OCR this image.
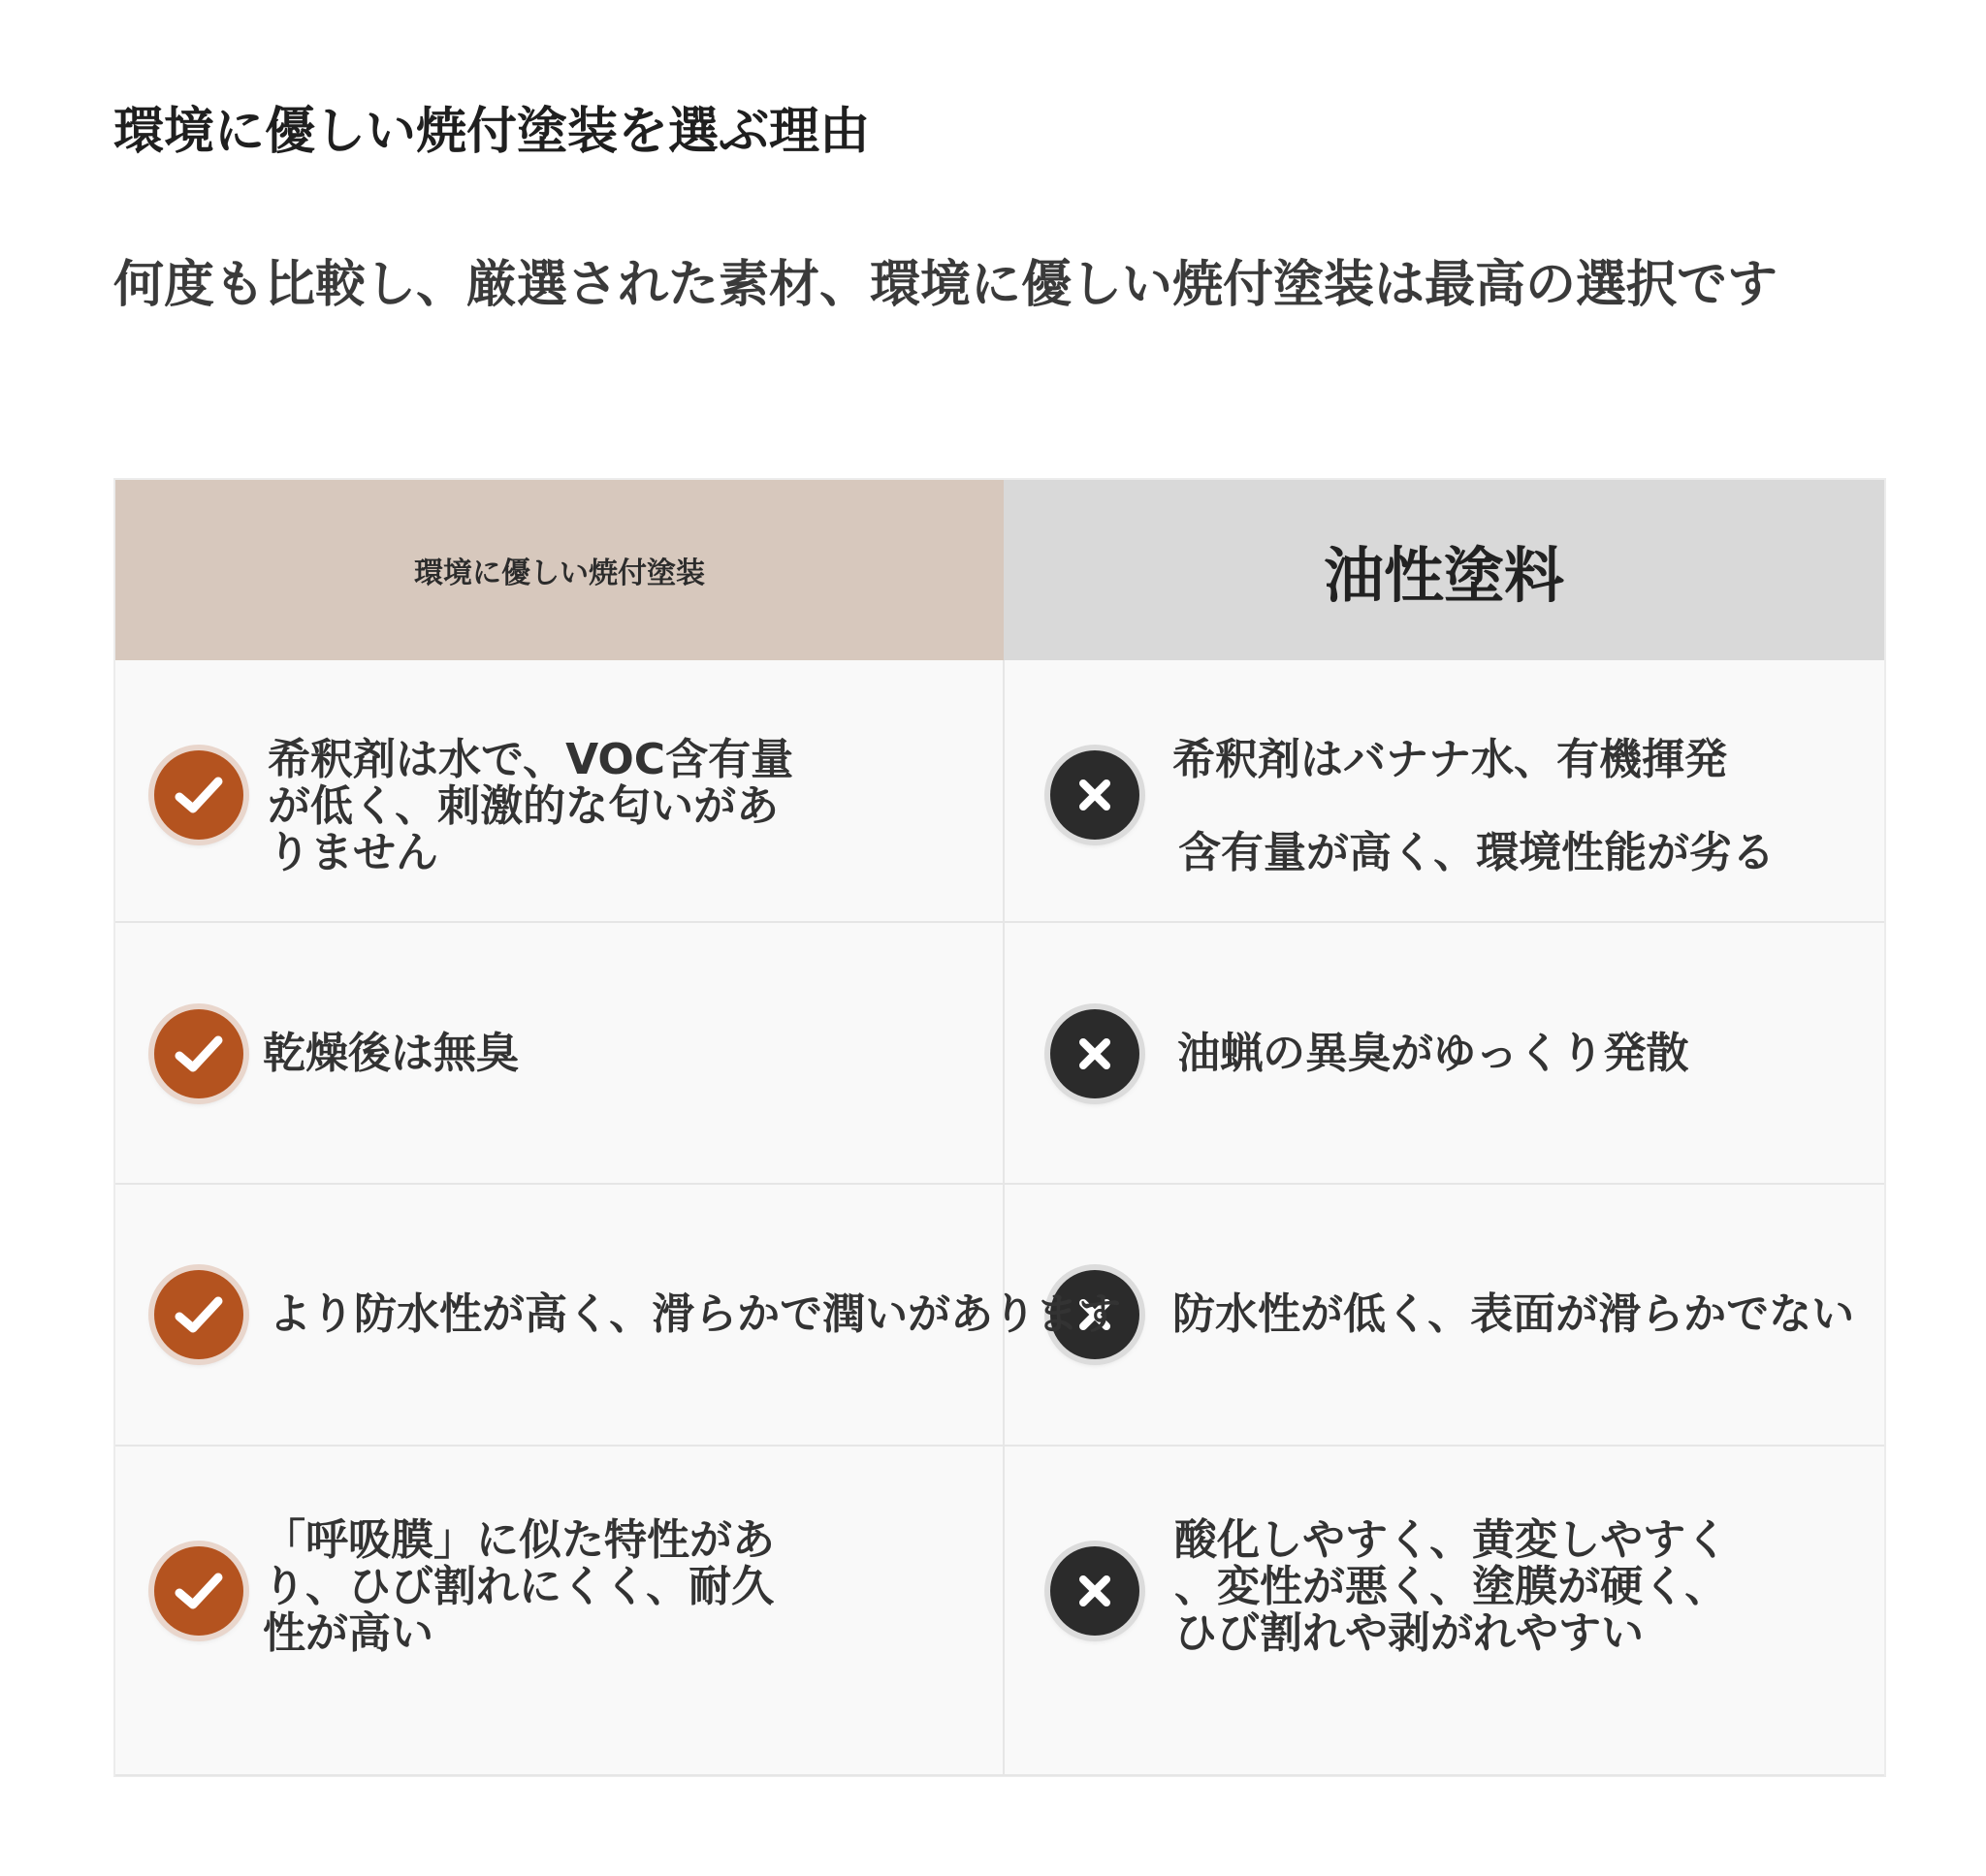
環境に優しい焼付塗装を選ぶ理由
何度も比較し、厳選された素材、環境に優しい焼付塗装は最高の選択です
環境に優しい焼付塗装	油性塗料
希釈剤は水で、VOC含有量
が低く、刺激的な匂いがあ
りません
希釈剤はバナナ水、有機揮発
含有量が高く、環境性能が劣る
乾燥後は無臭	油蝋の異臭がゆっくり発散
より防水性が高く、滑らかで潤いがあります 防水性が低く、表面が滑らかでない
「呼吸膜」に似た特性があ
り、ひび割れにくく、耐久
性が高い
酸化しやすく、黄変しやすく
、変性が悪く、塗膜が硬く、
ひび割れや剥がれやすい
